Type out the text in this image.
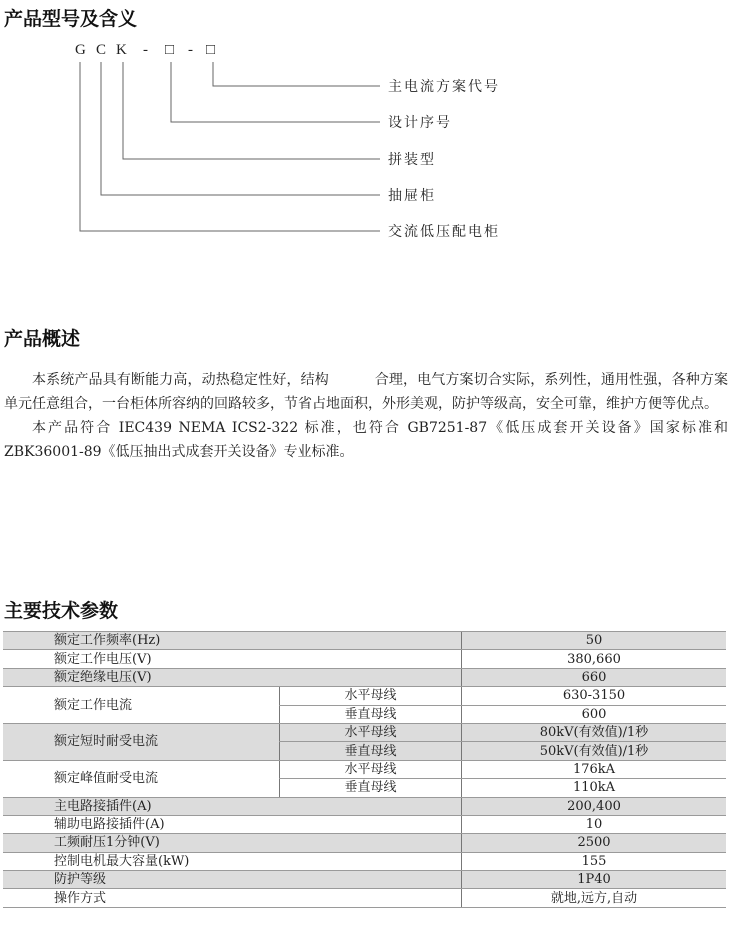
产品型号及含义
G C K - □ - □
主电流方案代号
设计序号
拼装型
抽屉柜
交流低压配电柜
产品概述

本系统产品具有断能力高，动热稳定性好，结构          合理，电气方案切合实际，系列性，通用性强，各种方案单元任意组合，一台柜体所容纳的回路较多，节省占地面积，外形美观，防护等级高，安全可靠，维护方便等优点。

本产品符合 IEC439 NEMA ICS2-322 标准，也符合 GB7251-87《低压成套开关设备》国家标准和 ZBK36001-89《低压抽出式成套开关设备》专业标准。

主要技术参数
额定工作频率(Hz)		50
额定工作电压(V)		380,660
额定绝缘电压(V)		660
额定工作电流	水平母线	630-3150
	垂直母线	600
额定短时耐受电流	水平母线	80kV(有效值)/1秒
	垂直母线	50kV(有效值)/1秒
额定峰值耐受电流	水平母线	176kA
	垂直母线	110kA
主电路接插件(A)		200,400
辅助电路接插件(A)		10
工频耐压1分钟(V)		2500
控制电机最大容量(kW)		155
防护等级		1P40
操作方式		就地,远方,自动
